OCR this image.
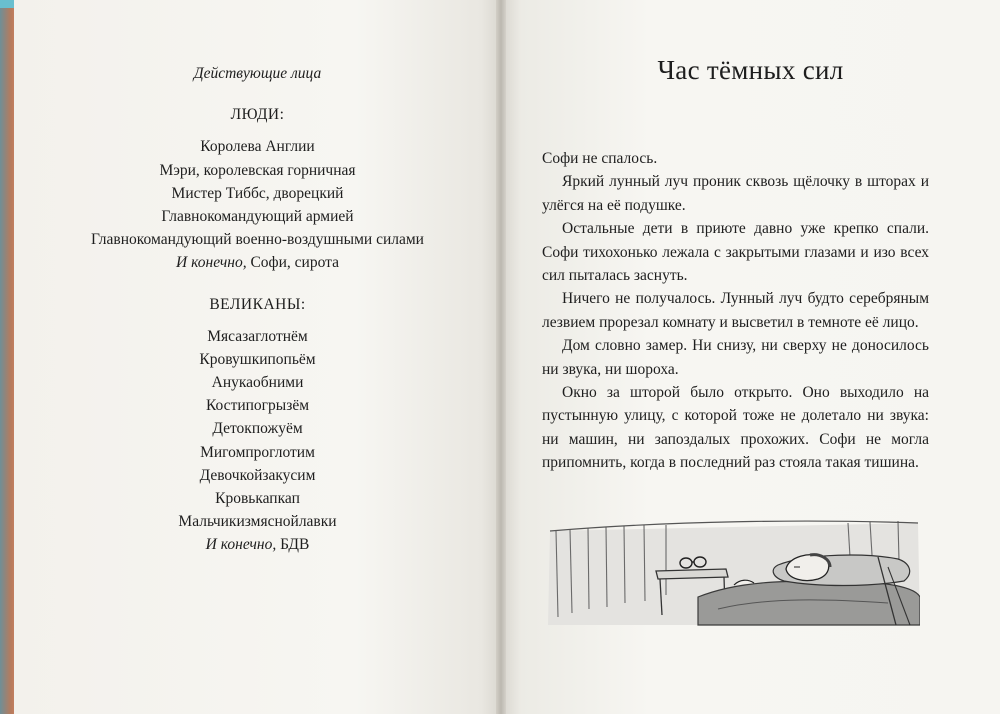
Действующие лица
ЛЮДИ:
Королева Англии
Мэри, королевская горничная
Мистер Тиббс, дворецкий
Главнокомандующий армией
Главнокомандующий военно-воздушными силами
И конечно, Софи, сирота
ВЕЛИКАНЫ:
Мясазаглотнём
Кровушкипопьём
Анукаобними
Костипогрызём
Детокпожуём
Мигомпроглотим
Девочкойзакусим
Кровькапкап
Мальчикизмяснойлавки
И конечно, БДВ
Час тёмных сил

Софи не спалось.

Яркий лунный луч проник сквозь щёлочку в шторах и улёгся на её подушке.

Остальные дети в приюте давно уже крепко спали. Софи тихохонько лежала с закрытыми глазами и изо всех сил пыталась заснуть.

Ничего не получалось. Лунный луч будто серебряным лезвием прорезал комнату и высветил в темноте её лицо.

Дом словно замер. Ни снизу, ни сверху не доносилось ни звука, ни шороха.

Окно за шторой было открыто. Оно выходило на пустынную улицу, с которой тоже не долетало ни звука: ни машин, ни запоздалых прохожих. Софи не могла припомнить, когда в последний раз стояла такая тишина.
